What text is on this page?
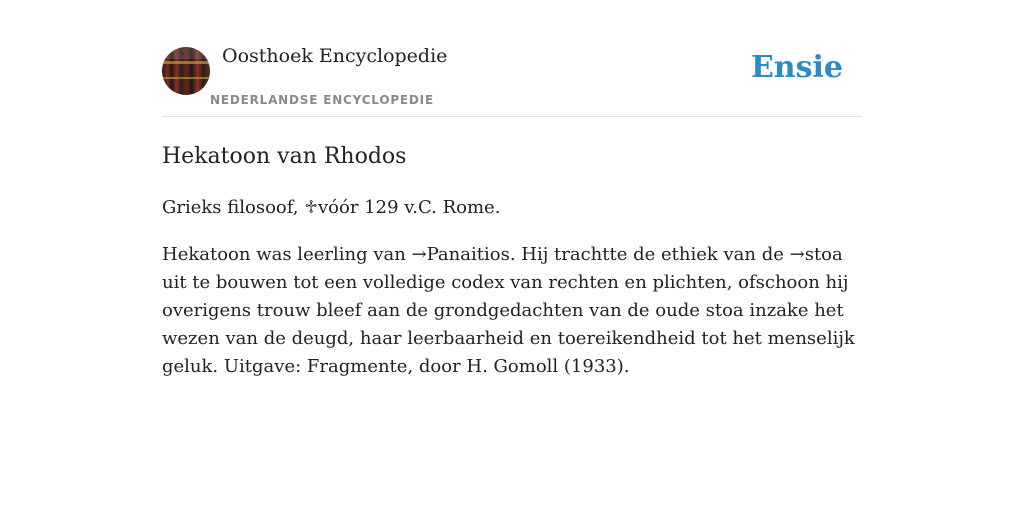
Oosthoek Encyclopedie
NEDERLANDSE ENCYCLOPEDIE
Ensie
Hekatoon van Rhodos

Grieks filosoof, ♱vóór 129 v.C. Rome.

Hekatoon was leerling van →Panaitios. Hij trachtte de ethiek van de →stoa uit te bouwen tot een volledige codex van rechten en plichten, ofschoon hij overigens trouw bleef aan de grondgedachten van de oude stoa inzake het wezen van de deugd, haar leerbaarheid en toereikendheid tot het menselijk geluk. Uitgave: Fragmente, door H. Gomoll (1933).
